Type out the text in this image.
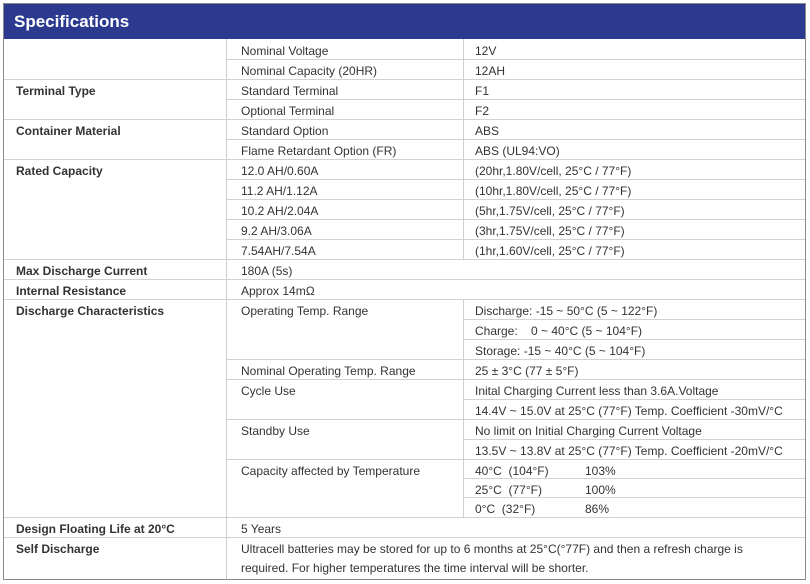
Specifications
Nominal Voltage	12V
Nominal Capacity (20HR)	12AH
Terminal Type	Standard Terminal	F1
Optional Terminal	F2
Container Material	Standard Option	ABS
Flame Retardant Option (FR)	ABS (UL94:VO)
Rated Capacity	12.0 AH/0.60A	(20hr,1.80V/cell, 25°C / 77°F)
11.2 AH/1.12A	(10hr,1.80V/cell, 25°C / 77°F)
10.2 AH/2.04A	(5hr,1.75V/cell, 25°C / 77°F)
9.2 AH/3.06A	(3hr,1.75V/cell, 25°C / 77°F)
7.54AH/7.54A	(1hr,1.60V/cell, 25°C / 77°F)
Max Discharge Current	180A (5s)
Internal Resistance	Approx 14mΩ
Discharge Characteristics	Operating Temp. Range	Discharge: -15 ~ 50°C (5 ~ 122°F)
Charge:    0 ~ 40°C (5 ~ 104°F)
Storage: -15 ~ 40°C (5 ~ 104°F)
Nominal Operating Temp. Range	25 ± 3°C (77 ± 5°F)
Cycle Use	Inital Charging Current less than 3.6A.Voltage
14.4V ~ 15.0V at 25°C (77°F) Temp. Coefficient -30mV/°C
Standby Use	No limit on Initial Charging Current Voltage
13.5V ~ 13.8V at 25°C (77°F) Temp. Coefficient -20mV/°C
Capacity affected by Temperature	40°C  (104°F)	103%
25°C  (77°F)	100%
0°C  (32°F)	86%
Design Floating Life at 20°C	5 Years
Self Discharge	Ultracell batteries may be stored for up to 6 months at 25°C(°77F) and then a refresh charge is
required. For higher temperatures the time interval will be shorter.
